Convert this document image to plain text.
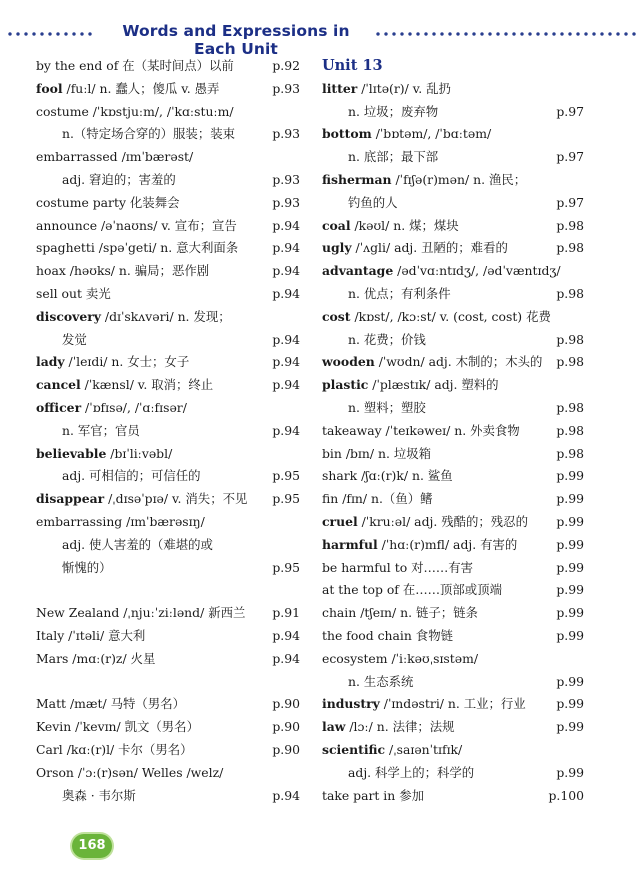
Words and Expressions in Each Unit
by the end of 在（某时间点）以前	p.92
fool /fuːl/ n. 蠢人；傻瓜 v. 愚弄	p.93
costume /ˈkɒstjuːm/, /ˈkɑːstuːm/
n.（特定场合穿的）服装；装束	p.93
embarrassed /ɪmˈbærəst/
adj. 窘迫的；害羞的	p.93
costume party 化装舞会	p.93
announce /əˈnaʊns/ v. 宣布；宣告	p.94
spaghetti /spəˈgeti/ n. 意大利面条	p.94
hoax /həʊks/ n. 骗局；恶作剧	p.94
sell out 卖光	p.94
discovery /dɪˈskʌvəri/ n. 发现；
发觉	p.94
lady /ˈleɪdi/ n. 女士；女子	p.94
cancel /ˈkænsl/ v. 取消；终止	p.94
officer /ˈɒfɪsə/, /ˈɑːfɪsər/
n. 军官；官员	p.94
believable /bɪˈliːvəbl/
adj. 可相信的；可信任的	p.95
disappear /ˌdɪsəˈpɪə/ v. 消失；不见 p.95
embarrassing /ɪmˈbærəsɪŋ/
adj. 使人害羞的（难堪的或
惭愧的）	p.95
New Zealand /ˌnjuːˈziːlənd/ 新西兰 p.91
Italy /ˈɪtəli/ 意大利	p.94
Mars /mɑː(r)z/ 火星	p.94
Matt /mæt/ 马特（男名）	p.90
Kevin /ˈkevɪn/ 凯文（男名）	p.90
Carl /kɑː(r)l/ 卡尔（男名）	p.90
Orson /ˈɔː(r)sən/ Welles /welz/
奥森 · 韦尔斯	p.94
Unit 13
litter /ˈlɪtə(r)/ v. 乱扔
n. 垃圾；废弃物	p.97
bottom /ˈbɒtəm/, /ˈbɑːtəm/
n. 底部；最下部	p.97
fisherman /ˈfɪʃə(r)mən/ n. 渔民；
钓鱼的人	p.97
coal /kəʊl/ n. 煤；煤块	p.98
ugly /ˈʌgli/ adj. 丑陋的；难看的	p.98
advantage /ədˈvɑːntɪdʒ/, /ədˈvæntɪdʒ/
n. 优点；有利条件	p.98
cost /kɒst/, /kɔːst/ v. (cost, cost) 花费
n. 花费；价钱	p.98
wooden /ˈwʊdn/ adj. 木制的；木头的 p.98
plastic /ˈplæstɪk/ adj. 塑料的
n. 塑料；塑胶	p.98
takeaway /ˈteɪkəweɪ/ n. 外卖食物	p.98
bin /bɪn/ n. 垃圾箱	p.98
shark /ʃɑː(r)k/ n. 鲨鱼	p.99
fin /fɪn/ n.（鱼）鳍	p.99
cruel /ˈkruːəl/ adj. 残酷的；残忍的 p.99
harmful /ˈhɑː(r)mfl/ adj. 有害的	p.99
be harmful to 对……有害	p.99
at the top of 在……顶部或顶端	p.99
chain /tʃeɪn/ n. 链子；链条	p.99
the food chain 食物链	p.99
ecosystem /ˈiːkəʊˌsɪstəm/
n. 生态系统	p.99
industry /ˈɪndəstri/ n. 工业；行业 p.99
law /lɔː/ n. 法律；法规	p.99
scientific /ˌsaɪənˈtɪfɪk/
adj. 科学上的；科学的	p.99
take part in 参加	p.100
168
